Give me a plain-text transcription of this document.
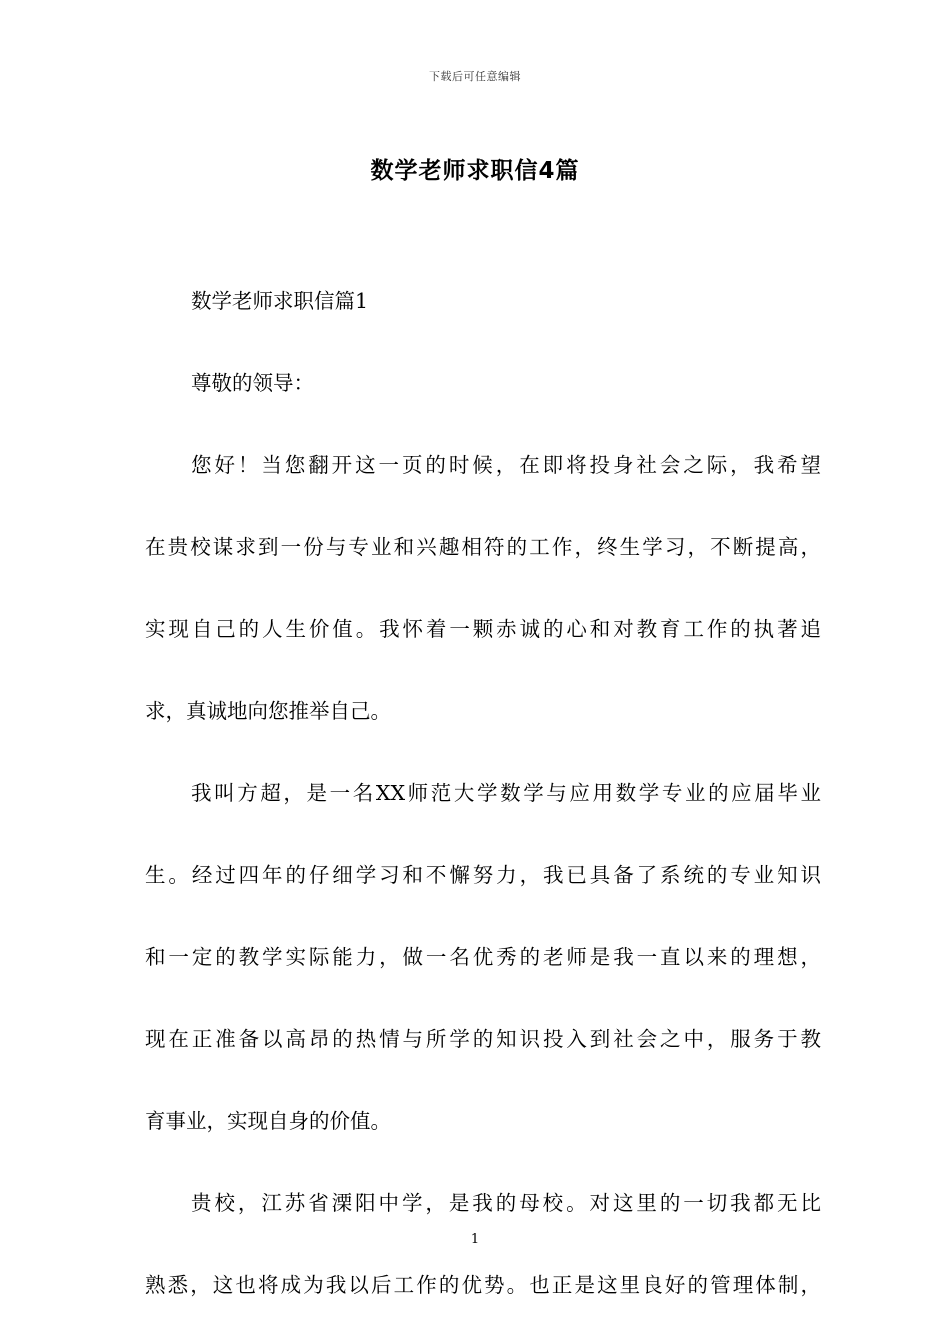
下载后可任意编辑
数学老师求职信4篇
数学老师求职信篇1
尊敬的领导：
您好！当您翻开这一页的时候，在即将投身社会之际，我希望
在贵校谋求到一份与专业和兴趣相符的工作，终生学习，不断提高，
实现自己的人生价值。我怀着一颗赤诚的心和对教育工作的执著追
求，真诚地向您推举自己。
我叫方超，是一名XX师范大学数学与应用数学专业的应届毕业
生。经过四年的仔细学习和不懈努力，我已具备了系统的专业知识
和一定的教学实际能力，做一名优秀的老师是我一直以来的理想，
现在正准备以高昂的热情与所学的知识投入到社会之中，服务于教
育事业，实现自身的价值。
贵校，江苏省溧阳中学，是我的母校。对这里的一切我都无比
熟悉，这也将成为我以后工作的优势。也正是这里良好的管理体制，
1
